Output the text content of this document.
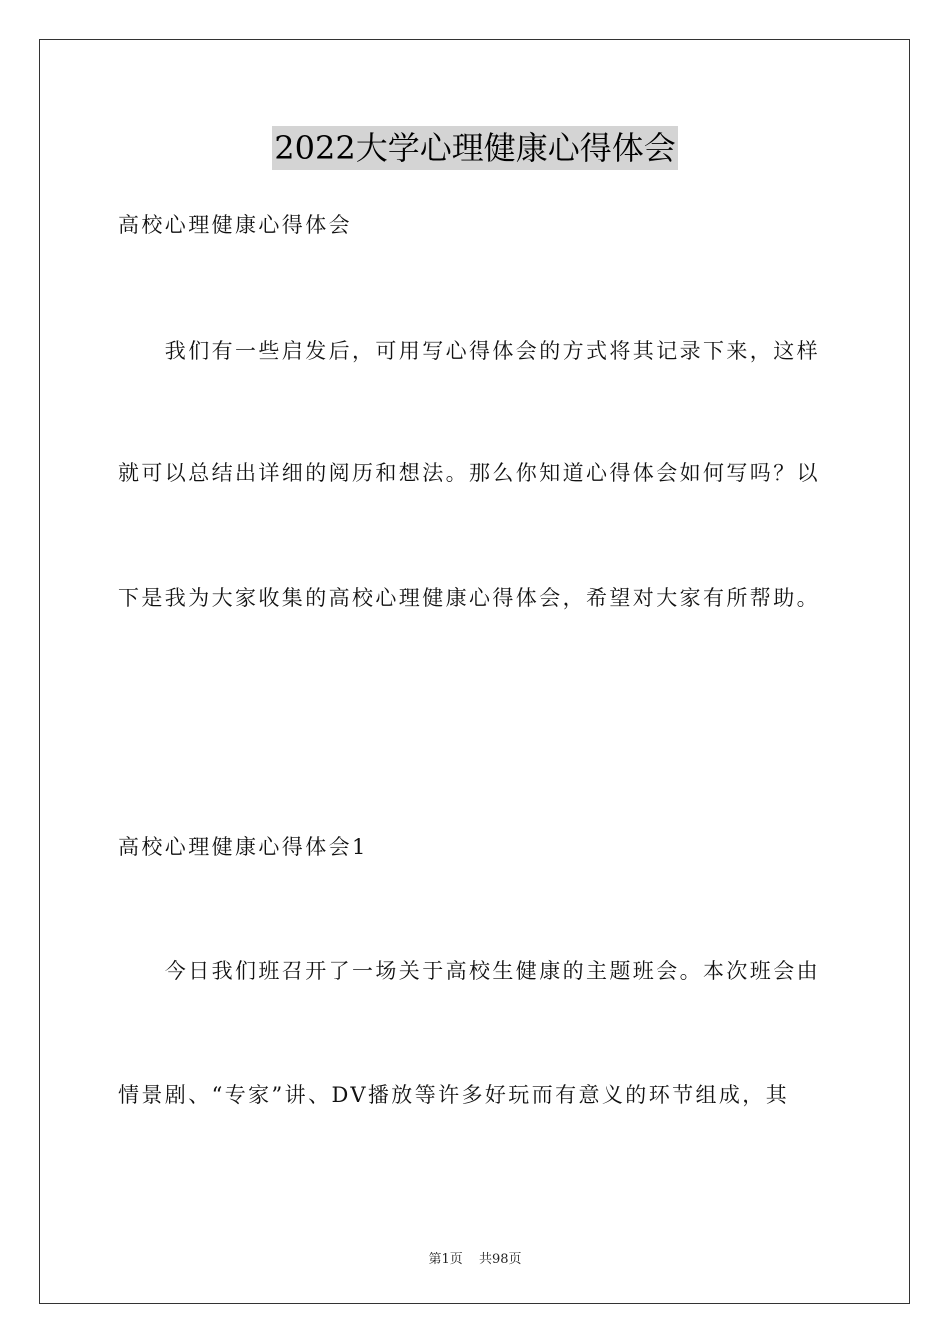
2022大学心理健康心得体会
高校心理健康心得体会
　　我们有一些启发后，可用写心得体会的方式将其记录下来，这样
就可以总结出详细的阅历和想法。那么你知道心得体会如何写吗？以
下是我为大家收集的高校心理健康心得体会，希望对大家有所帮助。
高校心理健康心得体会1
　　今日我们班召开了一场关于高校生健康的主题班会。本次班会由
情景剧、“专家”讲、DV播放等许多好玩而有意义的环节组成，其
第1页 共98页
